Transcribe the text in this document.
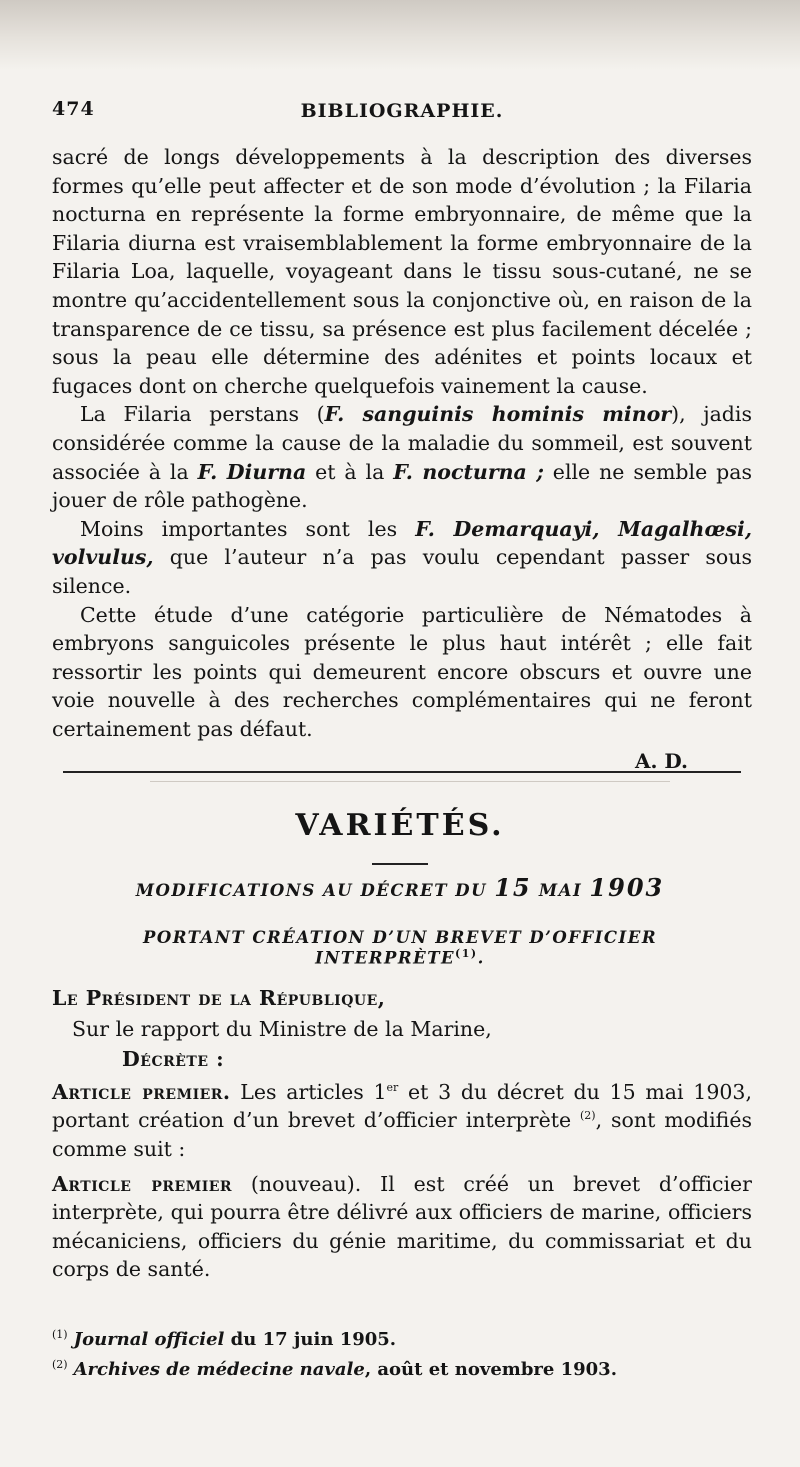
474	BIBLIOGRAPHIE.

sacré de longs développements à la description des diverses formes qu’elle peut affecter et de son mode d’évolution ; la Filaria nocturna en représente la forme embryonnaire, de même que la Filaria diurna est vraisemblablement la forme embryonnaire de la Filaria Loa, laquelle, voyageant dans le tissu sous-cutané, ne se montre qu’accidentellement sous la conjonctive où, en raison de la transparence de ce tissu, sa présence est plus facilement décelée ; sous la peau elle détermine des adénites et points locaux et fugaces dont on cherche quelquefois vainement la cause.

La Filaria perstans (F. sanguinis hominis minor), jadis considérée comme la cause de la maladie du sommeil, est souvent associée à la F. Diurna et à la F. nocturna ; elle ne semble pas jouer de rôle pathogène.

Moins importantes sont les F. Demarquayi, Magalhœsi, volvulus, que l’auteur n’a pas voulu cependant passer sous silence.

Cette étude d’une catégorie particulière de Nématodes à embryons sanguicoles présente le plus haut intérêt ; elle fait ressortir les points qui demeurent encore obscurs et ouvre une voie nouvelle à des recherches complémentaires qui ne feront certainement pas défaut.

A. D.
VARIÉTÉS.
MODIFICATIONS AU DÉCRET DU 15 MAI 1903
PORTANT CRÉATION D’UN BREVET D’OFFICIER INTERPRÈTE$^{(1)}$.

Le Président de la République,

Sur le rapport du Ministre de la Marine,

Décrète :

Article premier. Les articles 1er et 3 du décret du 15 mai 1903, portant création d’un brevet d’officier interprète $^{(2)}$, sont modifiés comme suit :

Article premier (nouveau). Il est créé un brevet d’officier interprète, qui pourra être délivré aux officiers de marine, officiers mécaniciens, officiers du génie maritime, du commissariat et du corps de santé.

$^{(1)}$ Journal officiel du 17 juin 1905.
$^{(2)}$ Archives de médecine navale, août et novembre 1903.
